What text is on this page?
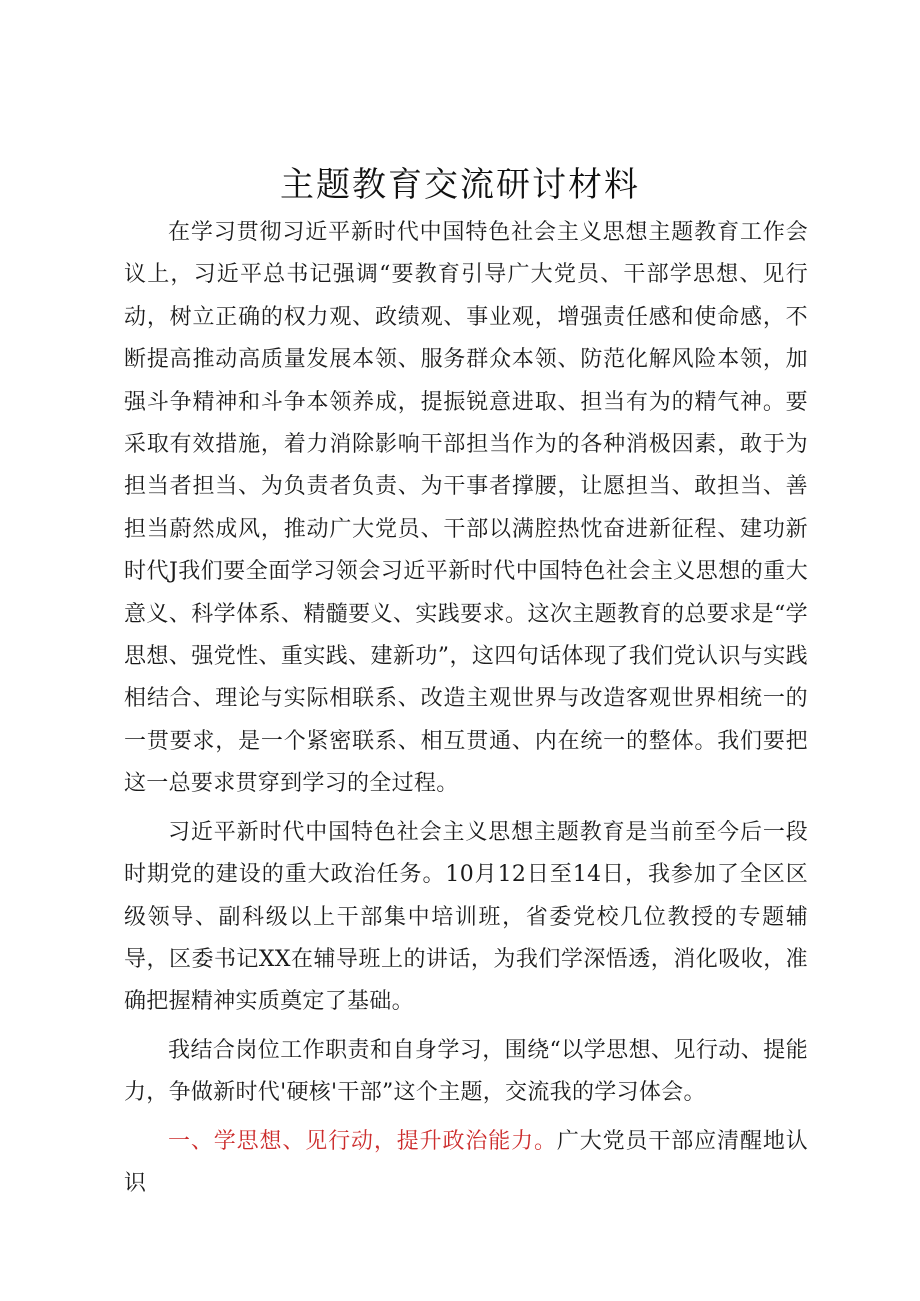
主题教育交流研讨材料

在学习贯彻习近平新时代中国特色社会主义思想主题教育工作会议上，习近平总书记强调“要教育引导广大党员、干部学思想、见行动，树立正确的权力观、政绩观、事业观，增强责任感和使命感，不断提高推动高质量发展本领、服务群众本领、防范化解风险本领，加强斗争精神和斗争本领养成，提振锐意进取、担当有为的精气神。要采取有效措施，着力消除影响干部担当作为的各种消极因素，敢于为担当者担当、为负责者负责、为干事者撑腰，让愿担当、敢担当、善担当蔚然成风，推动广大党员、干部以满腔热忱奋进新征程、建功新时代J我们要全面学习领会习近平新时代中国特色社会主义思想的重大意义、科学体系、精髓要义、实践要求。这次主题教育的总要求是“学思想、强党性、重实践、建新功”，这四句话体现了我们党认识与实践相结合、理论与实际相联系、改造主观世界与改造客观世界相统一的一贯要求，是一个紧密联系、相互贯通、内在统一的整体。我们要把这一总要求贯穿到学习的全过程。

习近平新时代中国特色社会主义思想主题教育是当前至今后一段时期党的建设的重大政治任务。10月12日至14日，我参加了全区区级领导、副科级以上干部集中培训班，省委党校几位教授的专题辅导，区委书记XX在辅导班上的讲话，为我们学深悟透，消化吸收，准确把握精神实质奠定了基础。

我结合岗位工作职责和自身学习，围绕“以学思想、见行动、提能力，争做新时代'硬核'干部”这个主题，交流我的学习体会。

一、学思想、见行动，提升政治能力。广大党员干部应清醒地认识
